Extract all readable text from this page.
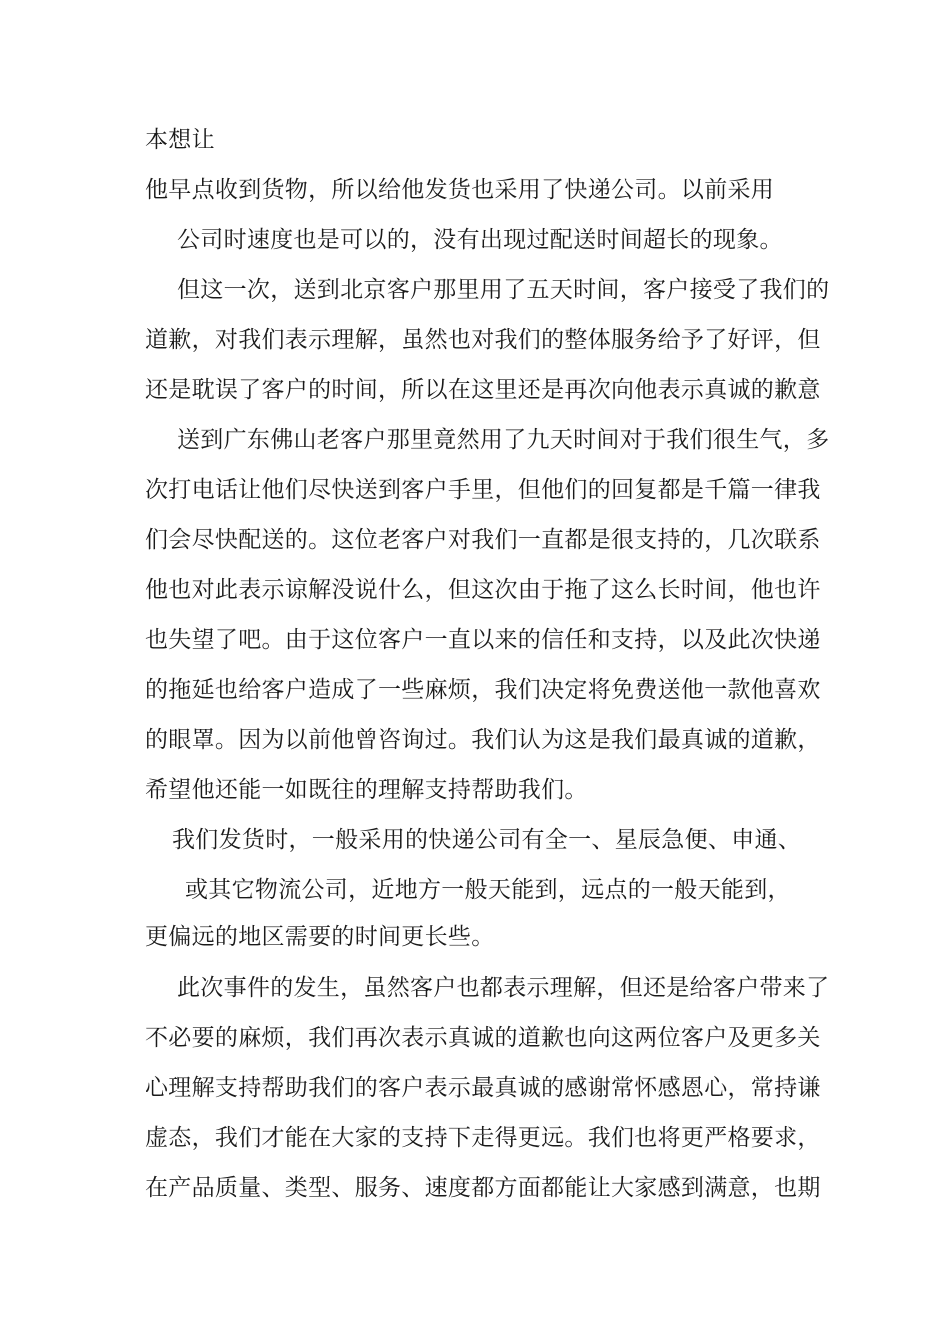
本想让
他早点收到货物，所以给他发货也采用了快递公司。以前采用
公司时速度也是可以的，没有出现过配送时间超长的现象。
但这一次，送到北京客户那里用了五天时间，客户接受了我们的
道歉，对我们表示理解，虽然也对我们的整体服务给予了好评，但
还是耽误了客户的时间，所以在这里还是再次向他表示真诚的歉意
送到广东佛山老客户那里竟然用了九天时间对于我们很生气，多
次打电话让他们尽快送到客户手里，但他们的回复都是千篇一律我
们会尽快配送的。这位老客户对我们一直都是很支持的，几次联系
他也对此表示谅解没说什么，但这次由于拖了这么长时间，他也许
也失望了吧。由于这位客户一直以来的信任和支持，以及此次快递
的拖延也给客户造成了一些麻烦，我们决定将免费送他一款他喜欢
的眼罩。因为以前他曾咨询过。我们认为这是我们最真诚的道歉，
希望他还能一如既往的理解支持帮助我们。
我们发货时，一般采用的快递公司有全一、星辰急便、申通、
或其它物流公司，近地方一般天能到，远点的一般天能到，
更偏远的地区需要的时间更长些。
此次事件的发生，虽然客户也都表示理解，但还是给客户带来了
不必要的麻烦，我们再次表示真诚的道歉也向这两位客户及更多关
心理解支持帮助我们的客户表示最真诚的感谢常怀感恩心，常持谦
虚态，我们才能在大家的支持下走得更远。我们也将更严格要求，
在产品质量、类型、服务、速度都方面都能让大家感到满意，也期
